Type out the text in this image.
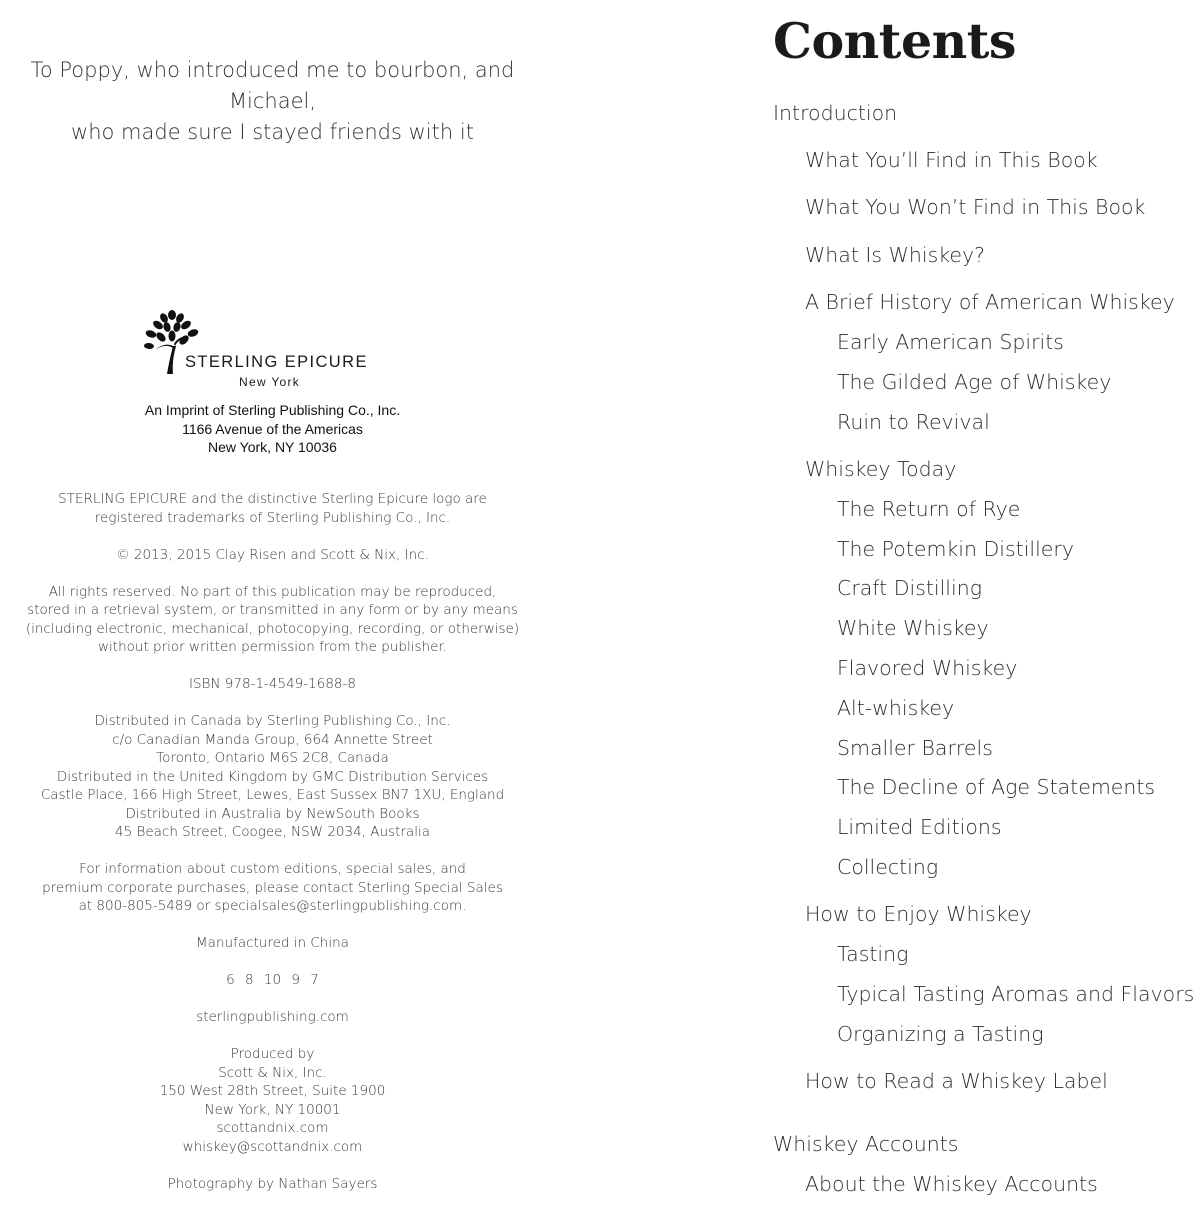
To Poppy, who introduced me to bourbon, and Michael,
who made sure I stayed friends with it
STERLING EPICURE
New York
An Imprint of Sterling Publishing Co., Inc.
1166 Avenue of the Americas
New York, NY 10036
STERLING EPICURE and the distinctive Sterling Epicure logo are
registered trademarks of Sterling Publishing Co., Inc.
© 2013, 2015 Clay Risen and Scott & Nix, Inc.
All rights reserved. No part of this publication may be reproduced,
stored in a retrieval system, or transmitted in any form or by any means
(including electronic, mechanical, photocopying, recording, or otherwise)
without prior written permission from the publisher.
ISBN 978-1-4549-1688-8
Distributed in Canada by Sterling Publishing Co., Inc.
c/o Canadian Manda Group, 664 Annette Street
Toronto, Ontario M6S 2C8, Canada
Distributed in the United Kingdom by GMC Distribution Services
Castle Place, 166 High Street, Lewes, East Sussex BN7 1XU, England
Distributed in Australia by NewSouth Books
45 Beach Street, Coogee, NSW 2034, Australia
For information about custom editions, special sales, and
premium corporate purchases, please contact Sterling Special Sales
at 800-805-5489 or specialsales@sterlingpublishing.com.
Manufactured in China
6 8 10 9 7
sterlingpublishing.com
Produced by
Scott & Nix, Inc.
150 West 28th Street, Suite 1900
New York, NY 10001
scottandnix.com
whiskey@scottandnix.com
Photography by Nathan Sayers
Contents
Introduction
What You’ll Find in This Book
What You Won’t Find in This Book
What Is Whiskey?
A Brief History of American Whiskey
Early American Spirits
The Gilded Age of Whiskey
Ruin to Revival
Whiskey Today
The Return of Rye
The Potemkin Distillery
Craft Distilling
White Whiskey
Flavored Whiskey
Alt-whiskey
Smaller Barrels
The Decline of Age Statements
Limited Editions
Collecting
How to Enjoy Whiskey
Tasting
Typical Tasting Aromas and Flavors
Organizing a Tasting
How to Read a Whiskey Label
Whiskey Accounts
About the Whiskey Accounts
